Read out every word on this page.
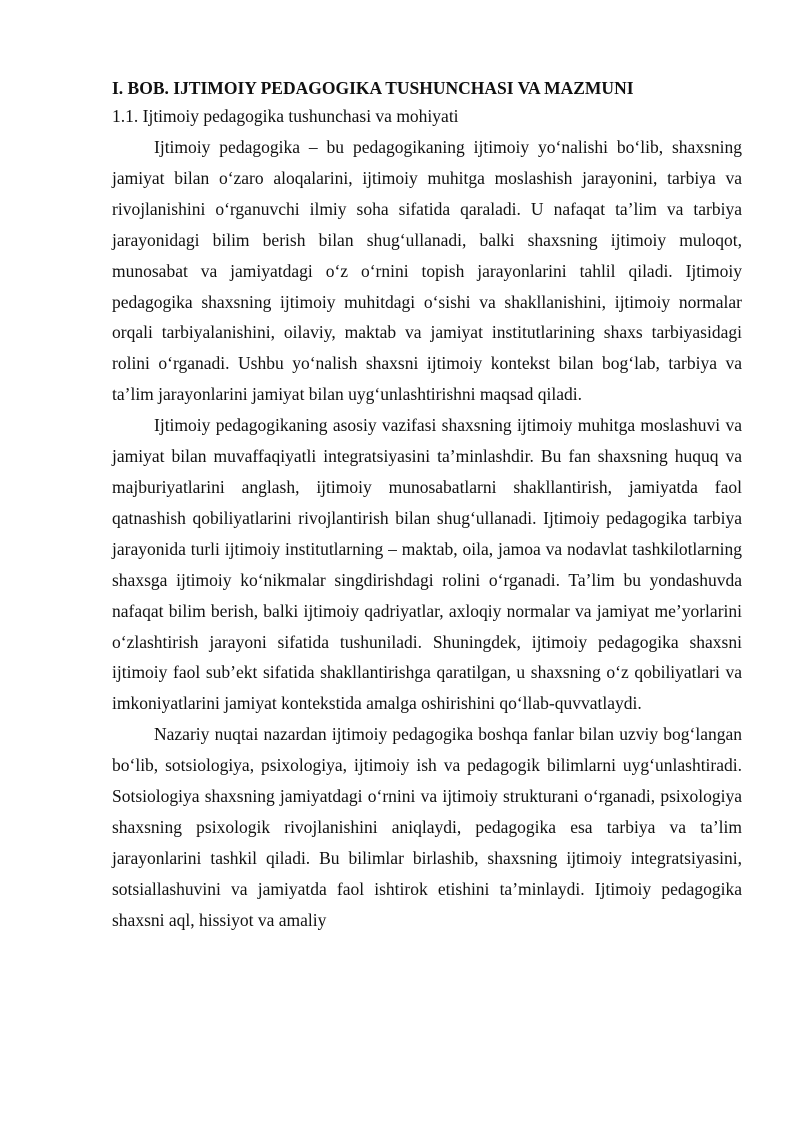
I. BOB. IJTIMOIY PEDAGOGIKA TUSHUNCHASI VA MAZMUNI
1.1. Ijtimoiy pedagogika tushunchasi va mohiyati

Ijtimoiy pedagogika – bu pedagogikaning ijtimoiy yo‘nalishi bo‘lib, shaxsning jamiyat bilan o‘zaro aloqalarini, ijtimoiy muhitga moslashish jarayonini, tarbiya va rivojlanishini o‘rganuvchi ilmiy soha sifatida qaraladi. U nafaqat ta’lim va tarbiya jarayonidagi bilim berish bilan shug‘ullanadi, balki shaxsning ijtimoiy muloqot, munosabat va jamiyatdagi o‘z o‘rnini topish jarayonlarini tahlil qiladi. Ijtimoiy pedagogika shaxsning ijtimoiy muhitdagi o‘sishi va shakllanishini, ijtimoiy normalar orqali tarbiyalanishini, oilaviy, maktab va jamiyat institutlarining shaxs tarbiyasidagi rolini o‘rganadi. Ushbu yo‘nalish shaxsni ijtimoiy kontekst bilan bog‘lab, tarbiya va ta’lim jarayonlarini jamiyat bilan uyg‘unlashtirishni maqsad qiladi.

Ijtimoiy pedagogikaning asosiy vazifasi shaxsning ijtimoiy muhitga moslashuvi va jamiyat bilan muvaffaqiyatli integratsiyasini ta’minlashdir. Bu fan shaxsning huquq va majburiyatlarini anglash, ijtimoiy munosabatlarni shakllantirish, jamiyatda faol qatnashish qobiliyatlarini rivojlantirish bilan shug‘ullanadi. Ijtimoiy pedagogika tarbiya jarayonida turli ijtimoiy institutlarning – maktab, oila, jamoa va nodavlat tashkilotlarning shaxsga ijtimoiy ko‘nikmalar singdirishdagi rolini o‘rganadi. Ta’lim bu yondashuvda nafaqat bilim berish, balki ijtimoiy qadriyatlar, axloqiy normalar va jamiyat me’yorlarini o‘zlashtirish jarayoni sifatida tushuniladi. Shuningdek, ijtimoiy pedagogika shaxsni ijtimoiy faol sub’ekt sifatida shakllantirishga qaratilgan, u shaxsning o‘z qobiliyatlari va imkoniyatlarini jamiyat kontekstida amalga oshirishini qo‘llab-quvvatlaydi.

Nazariy nuqtai nazardan ijtimoiy pedagogika boshqa fanlar bilan uzviy bog‘langan bo‘lib, sotsiologiya, psixologiya, ijtimoiy ish va pedagogik bilimlarni uyg‘unlashtiradi. Sotsiologiya shaxsning jamiyatdagi o‘rnini va ijtimoiy strukturani o‘rganadi, psixologiya shaxsning psixologik rivojlanishini aniqlaydi, pedagogika esa tarbiya va ta’lim jarayonlarini tashkil qiladi. Bu bilimlar birlashib, shaxsning ijtimoiy integratsiyasini, sotsiallashuvini va jamiyatda faol ishtirok etishini ta’minlaydi. Ijtimoiy pedagogika shaxsni aql, hissiyot va amaliy
